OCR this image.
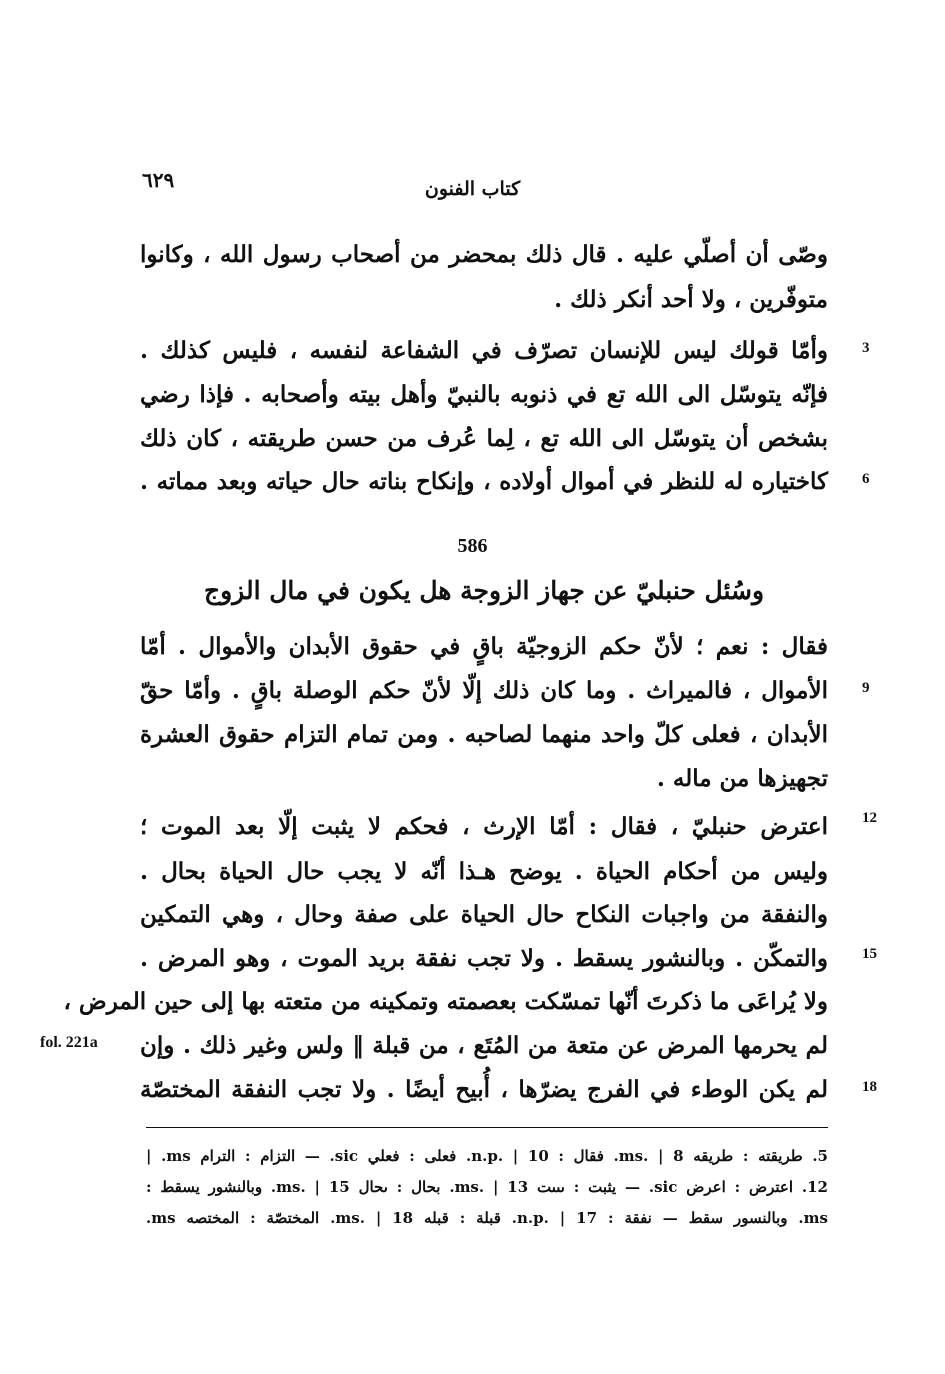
٦٢٩	كتاب الفنون
وصّى أن أصلّي عليه . قال ذلك بمحضر من أصحاب رسول الله ، وكانوا
متوفّرين ، ولا أحد أنكر ذلك .
وأمّا قولك ليس للإنسان تصرّف في الشفاعة لنفسه ، فليس كذلك . 3
فإنّه يتوسّل الى الله تع في ذنوبه بالنبيّ وأهل بيته وأصحابه . فإذا رضي
بشخص أن يتوسّل الى الله تع ، لِما عُرف من حسن طريقته ، كان ذلك
كاختياره له للنظر في أموال أولاده ، وإنكاح بناته حال حياته وبعد مماته . 6
586
وسُئل حنبليّ عن جهاز الزوجة هل يكون في مال الزوج
فقال : نعم ؛ لأنّ حكم الزوجيّة باقٍ في حقوق الأبدان والأموال . أمّا
الأموال ، فالميراث . وما كان ذلك إلّا لأنّ حكم الوصلة باقٍ . وأمّا حقّ 9
الأبدان ، فعلى كلّ واحد منهما لصاحبه . ومن تمام التزام حقوق العشرة
تجهيزها من ماله .
اعترض حنبليّ ، فقال : أمّا الإرث ، فحكم لا يثبت إلّا بعد الموت ؛ 12
وليس من أحكام الحياة . يوضح هـذا أنّه لا يجب حال الحياة بحال .
والنفقة من واجبات النكاح حال الحياة على صفة وحال ، وهي التمكين
والتمكّن . وبالنشور يسقط . ولا تجب نفقة بريد الموت ، وهو المرض . 15
ولا يُراعَى ما ذكرتَ أنّها تمسّكت بعصمته وتمكينه من متعته بها إلى حين المرض ،
لم يحرمها المرض عن متعة من المُتَع ، من قبلة ‖ ولس وغير ذلك . وإن
fol. 221a
لم يكن الوطء في الفرج يضرّها ، أُبيح أيضًا . ولا تجب النفقة المختصّة 18
5. طريقته : طريقه ms. | 8. فقال : n.p. | 10. فعلى : فعلي sic. — التزام : الترام ms. |
12. اعترض : اعرض sic. — يثبت : ىىىت ms. | 13. بحال : ىحال ms. | 15. وبالنشور يسقط :
ms. وبالنسور سقط — نفقة : n.p. | 17. قبلة : قبله ms. | 18. المختصّة : المختصه ms.
